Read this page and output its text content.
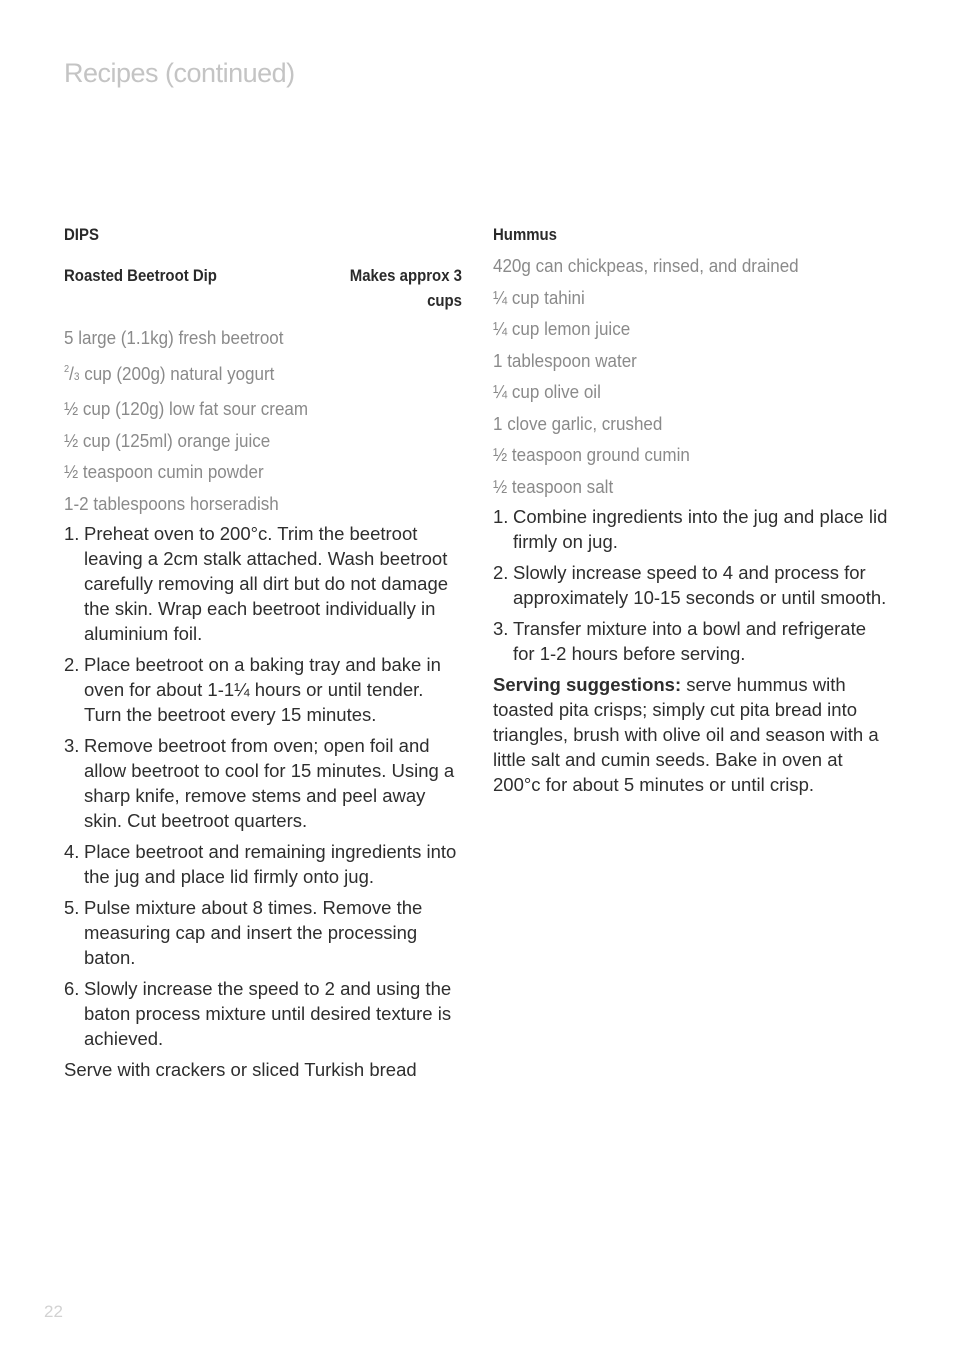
Recipes (continued)
DIPS
Roasted Beetroot Dip	Makes approx 3 cups
5 large (1.1kg) fresh beetroot
$^2$/3 cup (200g) natural yogurt
½ cup (120g) low fat sour cream
½ cup (125ml) orange juice
½ teaspoon cumin powder
1-2 tablespoons horseradish
1. Preheat oven to 200°c. Trim the beetroot leaving a 2cm stalk attached. Wash beetroot carefully removing all dirt but do not damage the skin. Wrap each beetroot individually in aluminium foil.
2. Place beetroot on a baking tray and bake in oven for about 1-1¼ hours or until tender. Turn the beetroot every 15 minutes.
3. Remove beetroot from oven; open foil and allow beetroot to cool for 15 minutes. Using a sharp knife, remove stems and peel away skin. Cut beetroot quarters.
4. Place beetroot and remaining ingredients into the jug and place lid firmly onto jug.
5. Pulse mixture about 8 times. Remove the measuring cap and insert the processing baton.
6. Slowly increase the speed to 2 and using the baton process mixture until desired texture is achieved.

Serve with crackers or sliced Turkish bread

Hummus
420g can chickpeas, rinsed, and drained
¼ cup tahini
¼ cup lemon juice
1 tablespoon water
¼ cup olive oil
1 clove garlic, crushed
½ teaspoon ground cumin
½ teaspoon salt
1. Combine ingredients into the jug and place lid firmly on jug.
2. Slowly increase speed to 4 and process for approximately 10-15 seconds or until smooth.
3. Transfer mixture into a bowl and refrigerate for 1-2 hours before serving.

Serving suggestions: serve hummus with toasted pita crisps; simply cut pita bread into triangles, brush with olive oil and season with a little salt and cumin seeds. Bake in oven at 200°c for about 5 minutes or until crisp.

22
